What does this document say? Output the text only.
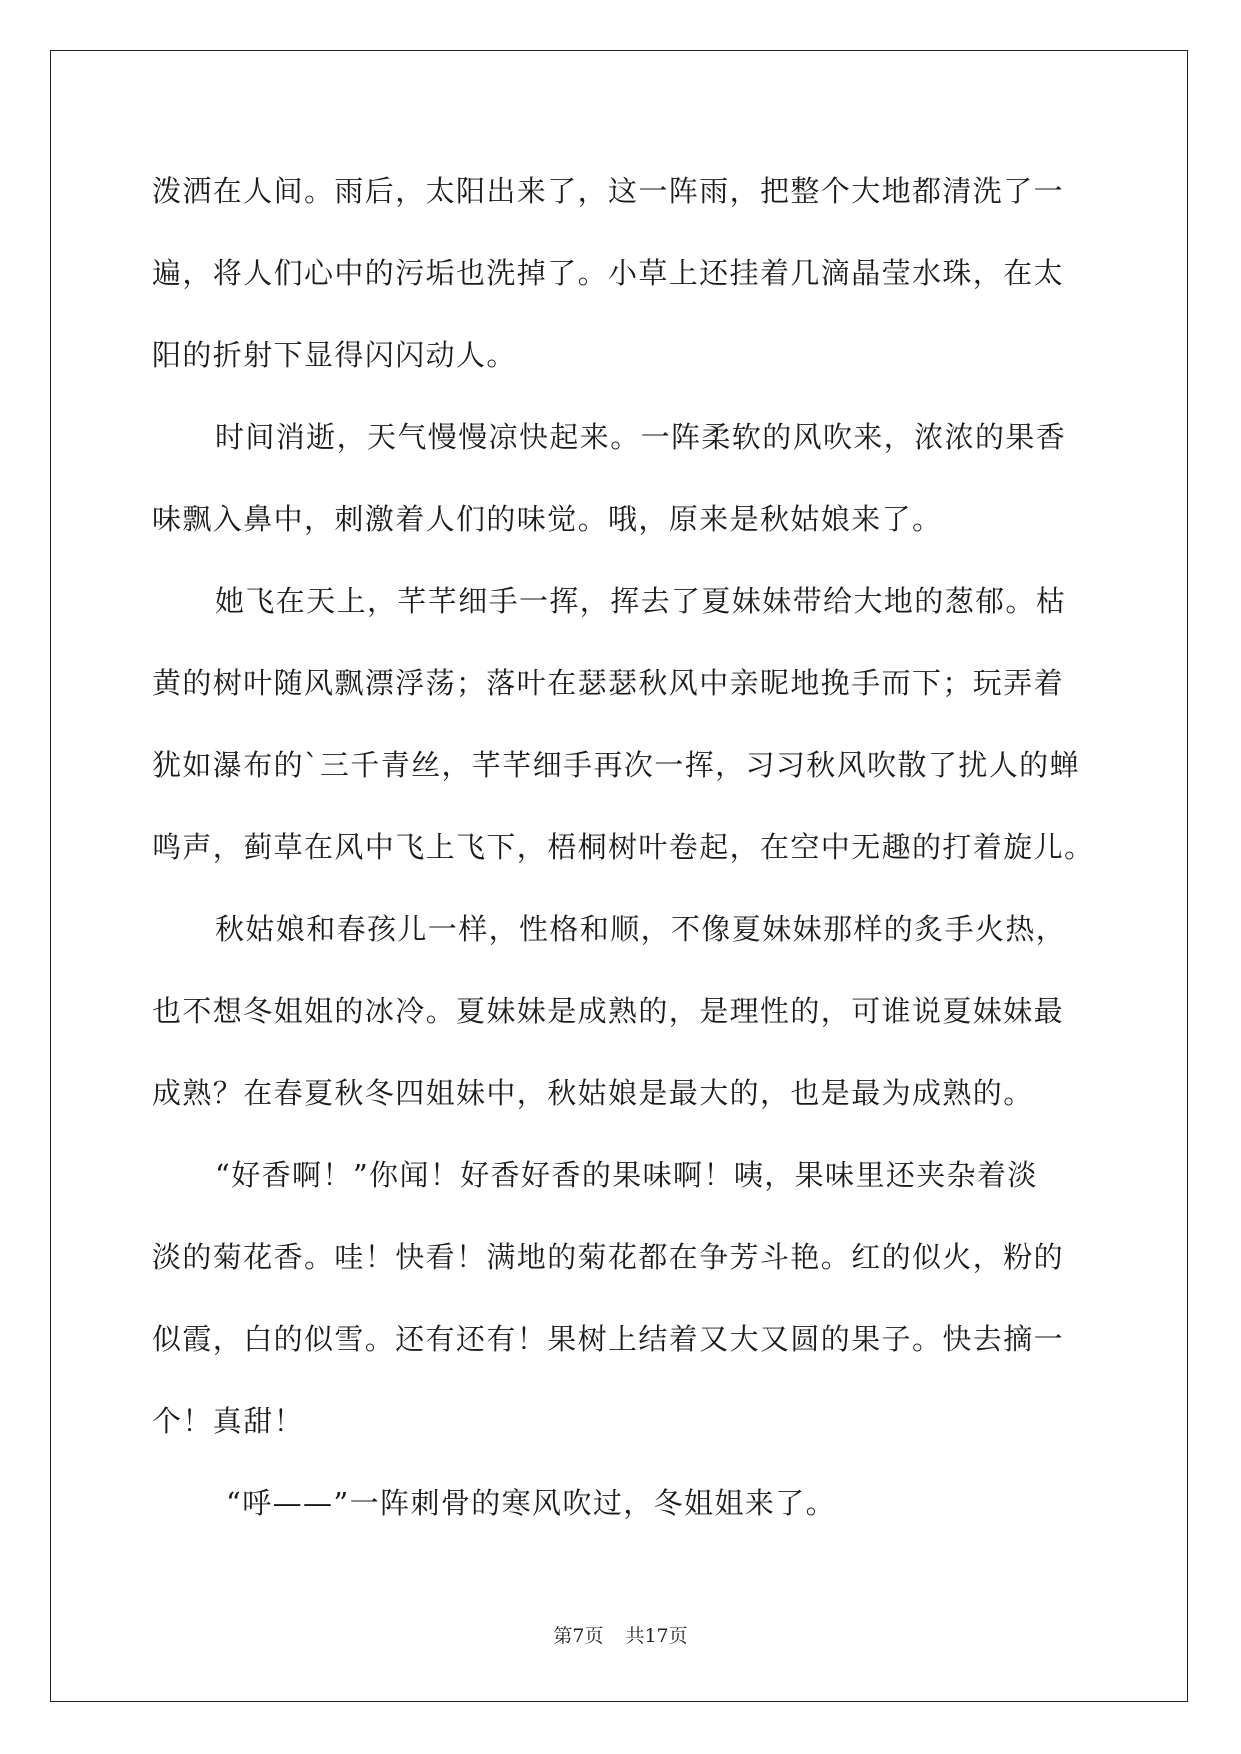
泼洒在人间。雨后，太阳出来了，这一阵雨，把整个大地都清洗了一
遍，将人们心中的污垢也洗掉了。小草上还挂着几滴晶莹水珠，在太
阳的折射下显得闪闪动人。
时间消逝，天气慢慢凉快起来。一阵柔软的风吹来，浓浓的果香
味飘入鼻中，刺激着人们的味觉。哦，原来是秋姑娘来了。
她飞在天上，芊芊细手一挥，挥去了夏妹妹带给大地的葱郁。枯
黄的树叶随风飘漂浮荡；落叶在瑟瑟秋风中亲昵地挽手而下；玩弄着
犹如瀑布的`三千青丝，芊芊细手再次一挥，习习秋风吹散了扰人的蝉
鸣声，蓟草在风中飞上飞下，梧桐树叶卷起，在空中无趣的打着旋儿。
秋姑娘和春孩儿一样，性格和顺，不像夏妹妹那样的炙手火热，
也不想冬姐姐的冰冷。夏妹妹是成熟的，是理性的，可谁说夏妹妹最
成熟？在春夏秋冬四姐妹中，秋姑娘是最大的，也是最为成熟的。
“好香啊！”你闻！好香好香的果味啊！咦，果味里还夹杂着淡
淡的菊花香。哇！快看！满地的菊花都在争芳斗艳。红的似火，粉的
似霞，白的似雪。还有还有！果树上结着又大又圆的果子。快去摘一
个！真甜！
“呼——”一阵刺骨的寒风吹过，冬姐姐来了。
第7页 共17页
